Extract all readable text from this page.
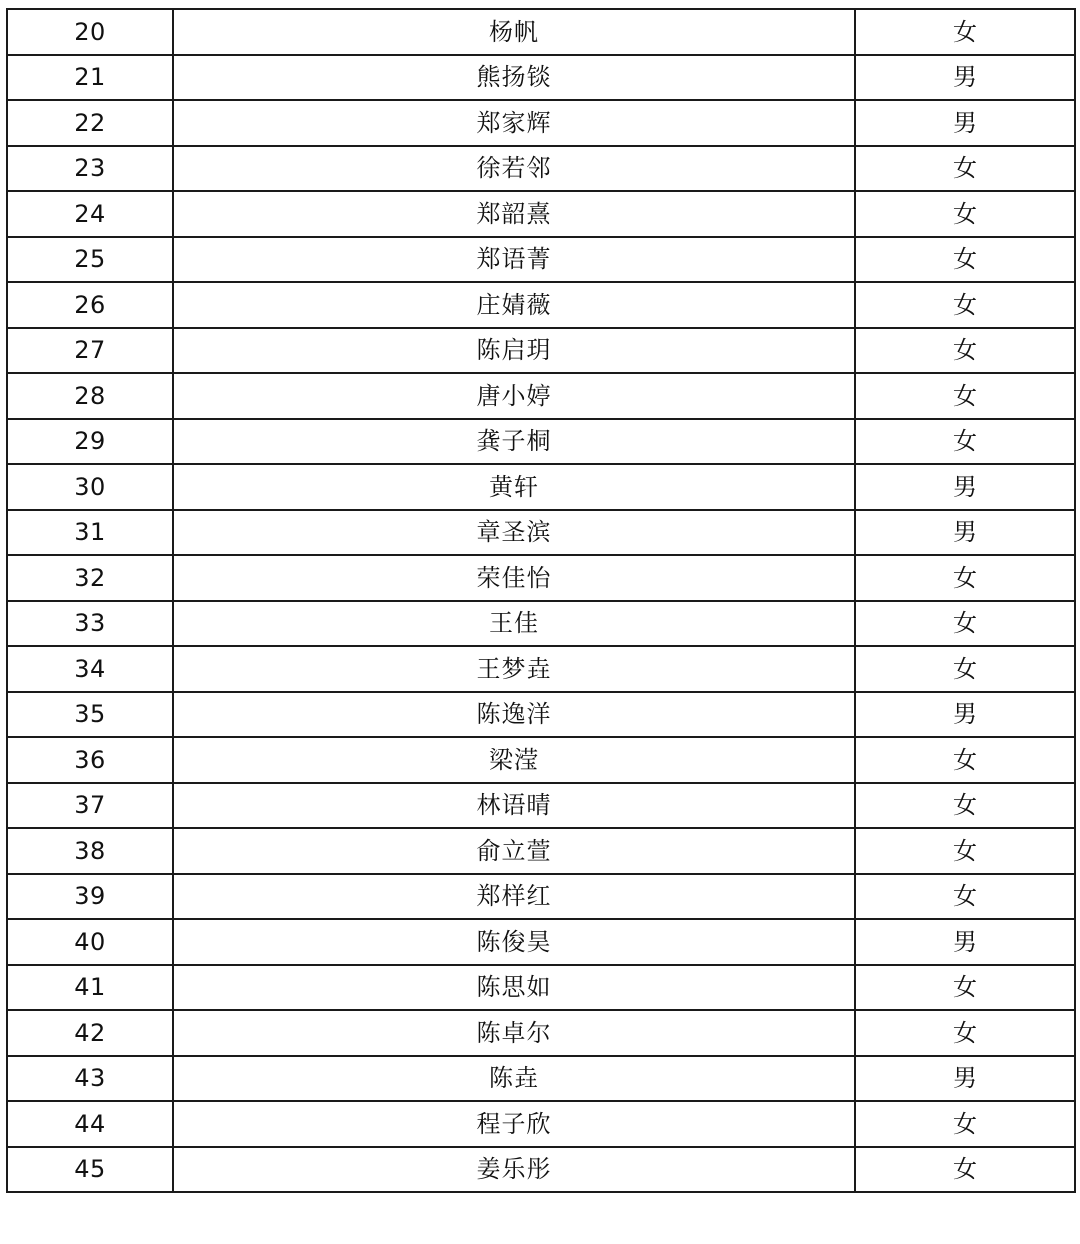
20	杨帆	女
21	熊扬锬	男
22	郑家辉	男
23	徐若邻	女
24	郑韶熹	女
25	郑语菁	女
26	庄婧薇	女
27	陈启玥	女
28	唐小婷	女
29	龚子桐	女
30	黄轩	男
31	章圣滨	男
32	荣佳怡	女
33	王佳	女
34	王梦垚	女
35	陈逸洋	男
36	梁滢	女
37	林语晴	女
38	俞立萱	女
39	郑样红	女
40	陈俊昊	男
41	陈思如	女
42	陈卓尔	女
43	陈垚	男
44	程子欣	女
45	姜乐彤	女
